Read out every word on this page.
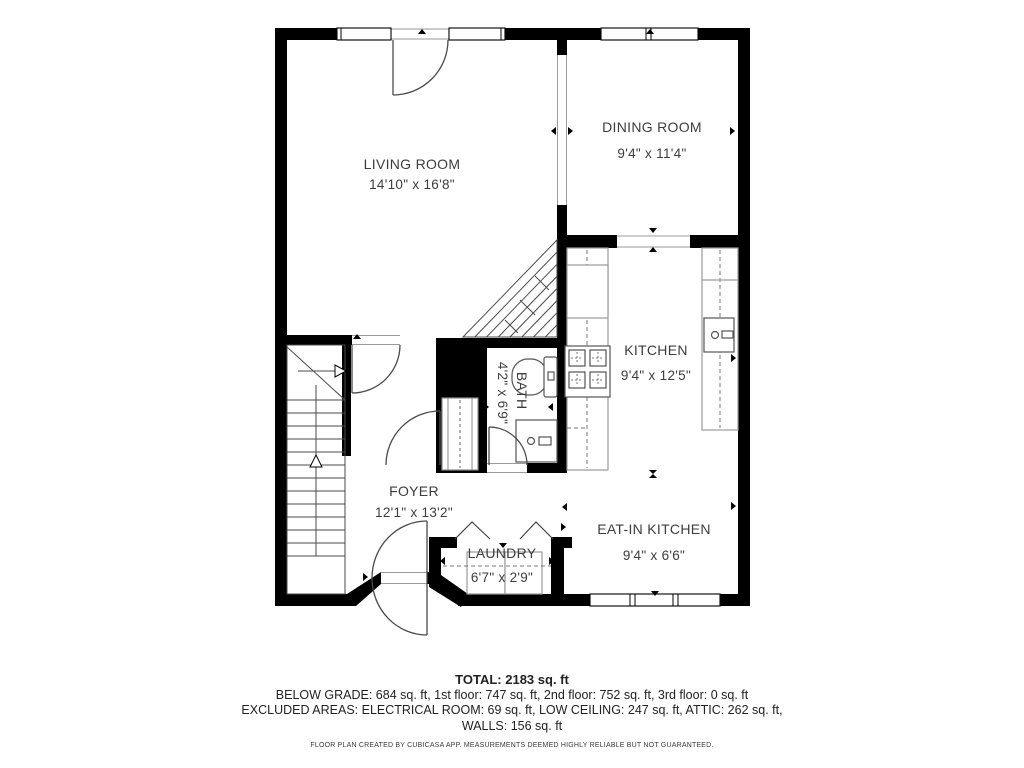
LIVING ROOM
14'10" x 16'8"
DINING ROOM
9'4" x 11'4"
KITCHEN
9'4" x 12'5"
BATH 4'2" x 6'9"
FOYER
12'1" x 13'2"
LAUNDRY
6'7" x 2'9"
EAT-IN KITCHEN
9'4" x 6'6"
TOTAL: 2183 sq. ft
BELOW GRADE: 684 sq. ft, 1st floor: 747 sq. ft, 2nd floor: 752 sq. ft, 3rd floor: 0 sq. ft
EXCLUDED AREAS: ELECTRICAL ROOM: 69 sq. ft, LOW CEILING: 247 sq. ft, ATTIC: 262 sq. ft,
WALLS: 156 sq. ft
FLOOR PLAN CREATED BY CUBICASA APP. MEASUREMENTS DEEMED HIGHLY RELIABLE BUT NOT GUARANTEED.
